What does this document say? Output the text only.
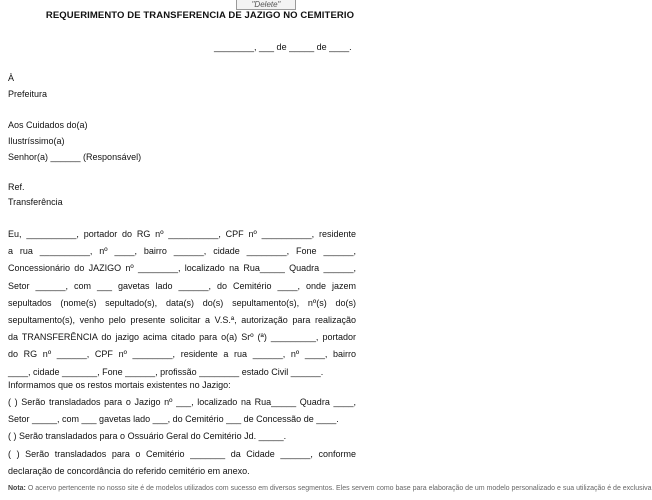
"Delete"
REQUERIMENTO DE TRANSFERENCIA DE JAZIGO NO CEMITERIO
________, ___ de _____ de ____.
À
Prefeitura
Aos Cuidados do(a)
Ilustríssimo(a)
Senhor(a) ______ (Responsável)
Ref.
Transferência
Eu, __________, portador do RG nº __________, CPF nº __________, residente
a rua __________, nº ____, bairro ______, cidade ________, Fone ______,
Concessionário do JAZIGO nº ________, localizado na Rua_____ Quadra ______,
Setor ______, com ___ gavetas lado ______, do Cemitério ____, onde jazem
sepultados (nome(s) sepultado(s), data(s) do(s) sepultamento(s), nº(s) do(s)
sepultamento(s), venho pelo presente solicitar a V.S.ª, autorização para realização
da TRANSFERÊNCIA do jazigo acima citado para o(a) Srº (ª) _________, portador
do RG nº ______, CPF nº ________, residente a rua ______, nº ____, bairro
____, cidade _______, Fone ______, profissão ________ estado Civil ______.
Informamos que os restos mortais existentes no Jazigo:
( ) Serão transladados para o Jazigo nº ___, localizado na Rua_____ Quadra ____,
Setor _____, com ___ gavetas lado ___, do Cemitério ___ de Concessão de ____.
( ) Serão transladados para o Ossuário Geral do Cemitério Jd. _____.
( ) Serão transladados para o Cemitério _______ da Cidade ______, conforme
declaração de concordância do referido cemitério em anexo.
Nota: O acervo pertencente no nosso site é de modelos utilizados com sucesso em diversos segmentos. Eles servem como base para elaboração de um modelo personalizado e sua utilização é de exclusiva
